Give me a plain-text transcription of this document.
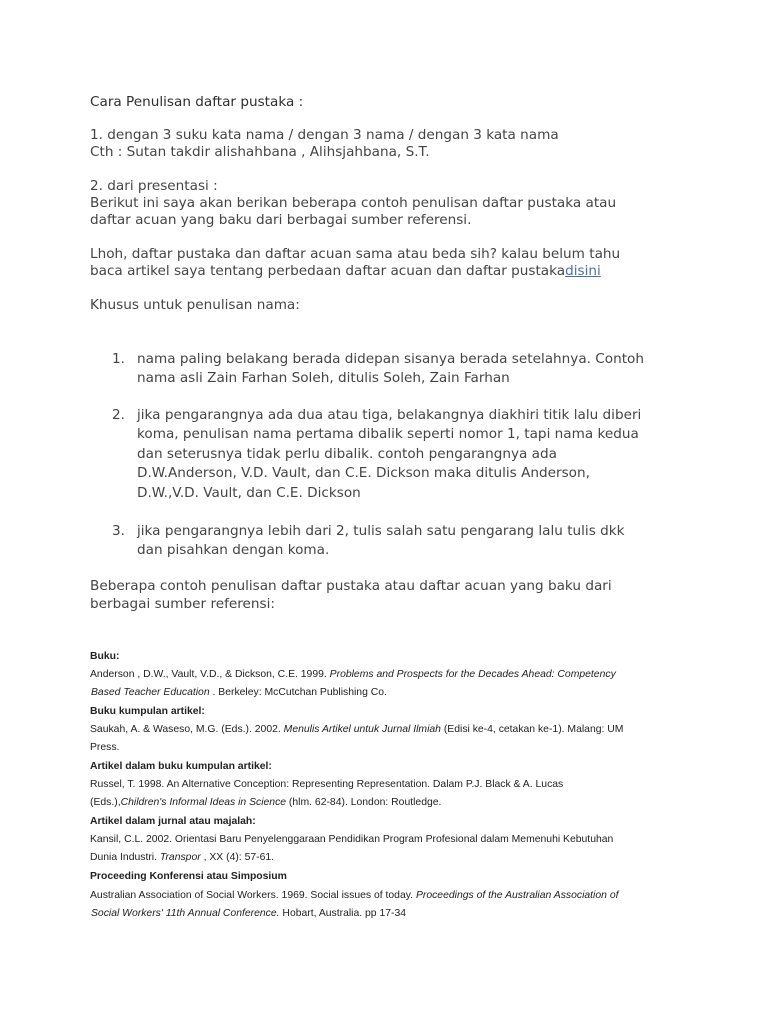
Cara Penulisan daftar pustaka :
1. dengan 3 suku kata nama / dengan 3 nama / dengan 3 kata nama
Cth : Sutan takdir alishahbana , Alihsjahbana, S.T.
2. dari presentasi :
Berikut ini saya akan berikan beberapa contoh penulisan daftar pustaka atau
daftar acuan yang baku dari berbagai sumber referensi.
Lhoh, daftar pustaka dan daftar acuan sama atau beda sih? kalau belum tahu
baca artikel saya tentang perbedaan daftar acuan dan daftar pustakadisini
Khusus untuk penulisan nama:
1. nama paling belakang berada didepan sisanya berada setelahnya. Contoh
nama asli Zain Farhan Soleh, ditulis Soleh, Zain Farhan
2. jika pengarangnya ada dua atau tiga, belakangnya diakhiri titik lalu diberi
koma, penulisan nama pertama dibalik seperti nomor 1, tapi nama kedua
dan seterusnya tidak perlu dibalik. contoh pengarangnya ada
D.W.Anderson, V.D. Vault, dan C.E. Dickson maka ditulis Anderson,
D.W.,V.D. Vault, dan C.E. Dickson
3. jika pengarangnya lebih dari 2, tulis salah satu pengarang lalu tulis dkk
dan pisahkan dengan koma.
Beberapa contoh penulisan daftar pustaka atau daftar acuan yang baku dari
berbagai sumber referensi:
Buku:
Anderson , D.W., Vault, V.D., & Dickson, C.E. 1999. Problems and Prospects for the Decades Ahead: Competency
Based Teacher Education . Berkeley: McCutchan Publishing Co.
Buku kumpulan artikel:
Saukah, A. & Waseso, M.G. (Eds.). 2002. Menulis Artikel untuk Jurnal Ilmiah (Edisi ke-4, cetakan ke-1). Malang: UM
Press.
Artikel dalam buku kumpulan artikel:
Russel, T. 1998. An Alternative Conception: Representing Representation. Dalam P.J. Black & A. Lucas
(Eds.),Children's Informal Ideas in Science (hlm. 62-84). London: Routledge.
Artikel dalam jurnal atau majalah:
Kansil, C.L. 2002. Orientasi Baru Penyelenggaraan Pendidikan Program Profesional dalam Memenuhi Kebutuhan
Dunia Industri. Transpor , XX (4): 57-61.
Proceeding Konferensi atau Simposium
Australian Association of Social Workers. 1969. Social issues of today. Proceedings of the Australian Association of
Social Workers' 11th Annual Conference. Hobart, Australia. pp 17-34
